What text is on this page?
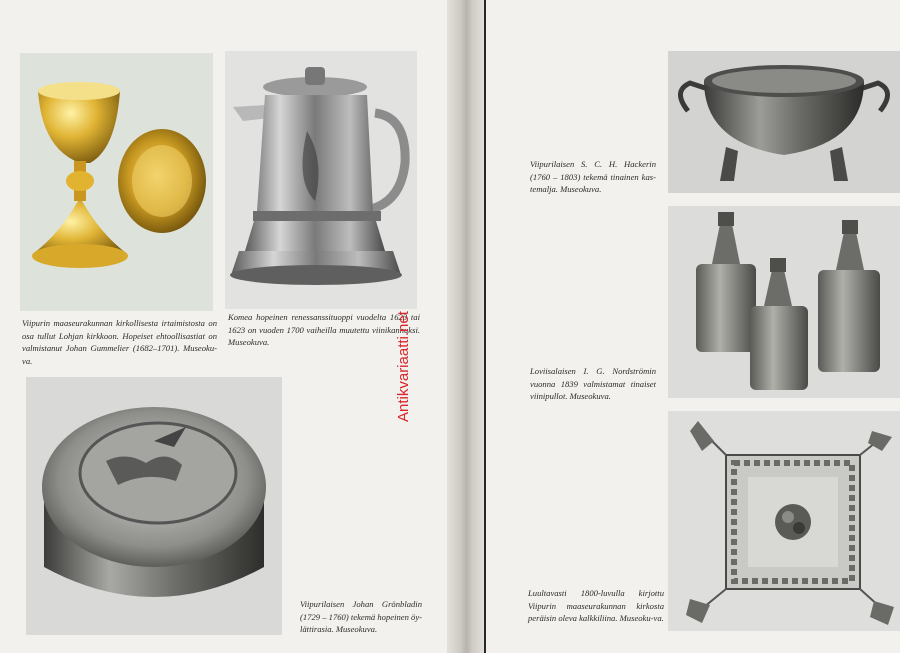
Viipurin maaseurakunnan kirkollisesta irtaimistosta on osa tullut Lohjan kirkkoon. Hopeiset ehtoollisastiat on valmistanut Johan Gummelier (1682–1701). Museoku-va.
Komea hopeinen renessanssituoppi vuodelta 1623 tai 1623 on vuoden 1700 vaiheilla muutettu viinikannuksi. Museokuva.
Viipurilaisen Johan Grönbladin (1729 – 1760) tekemä hopeinen öy-lättirasia. Museokuva.
Antikvariaatti.net
Viipurilaisen S. C. H. Hackerin (1760 – 1803) tekemä tinainen kas-temalja. Museokuva.
Loviisalaisen I. G. Nordströmin vuonna 1839 valmistamat tinaiset viinipullot. Museokuva.
Luultavasti 1800-luvulla kirjottu Viipurin maaseurakunnan kirkosta peräisin oleva kalkkiliina. Museoku-va.
